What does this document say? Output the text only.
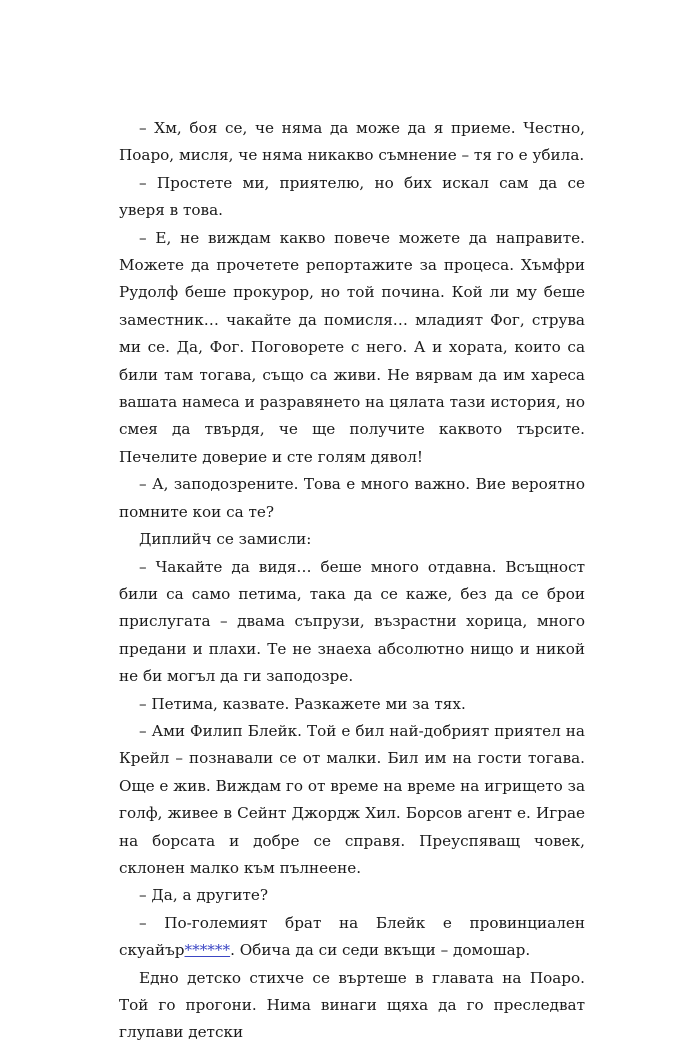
– Хм, боя се, че няма да може да я приеме. Честно, Поаро, мисля, че няма никакво съмнение – тя го е убила.

– Простете ми, приятелю, но бих искал сам да се уверя в това.

– Е, не виждам какво повече можете да направите. Можете да прочетете репортажите за процеса. Хъмфри Рудолф беше прокурор, но той почина. Кой ли му беше заместник… чакайте да помисля… младият Фог, струва ми се. Да, Фог. Поговорете с него. А и хората, които са били там тогава, също са живи. Не вярвам да им хареса вашата намеса и разравянето на цялата тази история, но смея да твърдя, че ще получите каквото търсите. Печелите доверие и сте голям дявол!

– А, заподозрените. Това е много важно. Вие вероятно помните кои са те?

Диплийч се замисли:

– Чакайте да видя… беше много отдавна. Всъщност били са само петима, така да се каже, без да се брои прислугата – двама съпрузи, възрастни хорица, много предани и плахи. Те не знаеха абсолютно нищо и никой не би могъл да ги заподозре.

– Петима, казвате. Разкажете ми за тях.

– Ами Филип Блейк. Той е бил най-добрият приятел на Крейл – познавали се от малки. Бил им на гости тогава. Още е жив. Виждам го от време на време на игрището за голф, живее в Сейнт Джордж Хил. Борсов агент е. Играе на борсата и добре се справя. Преуспяващ човек, склонен малко към пълнеене.

– Да, а другите?

– По-големият брат на Блейк е провинциален скуайър******. Обича да си седи вкъщи – домошар.

Едно детско стихче се въртеше в главата на Поаро. Той го прогони. Нима винаги щяха да го преследват глупави детски
